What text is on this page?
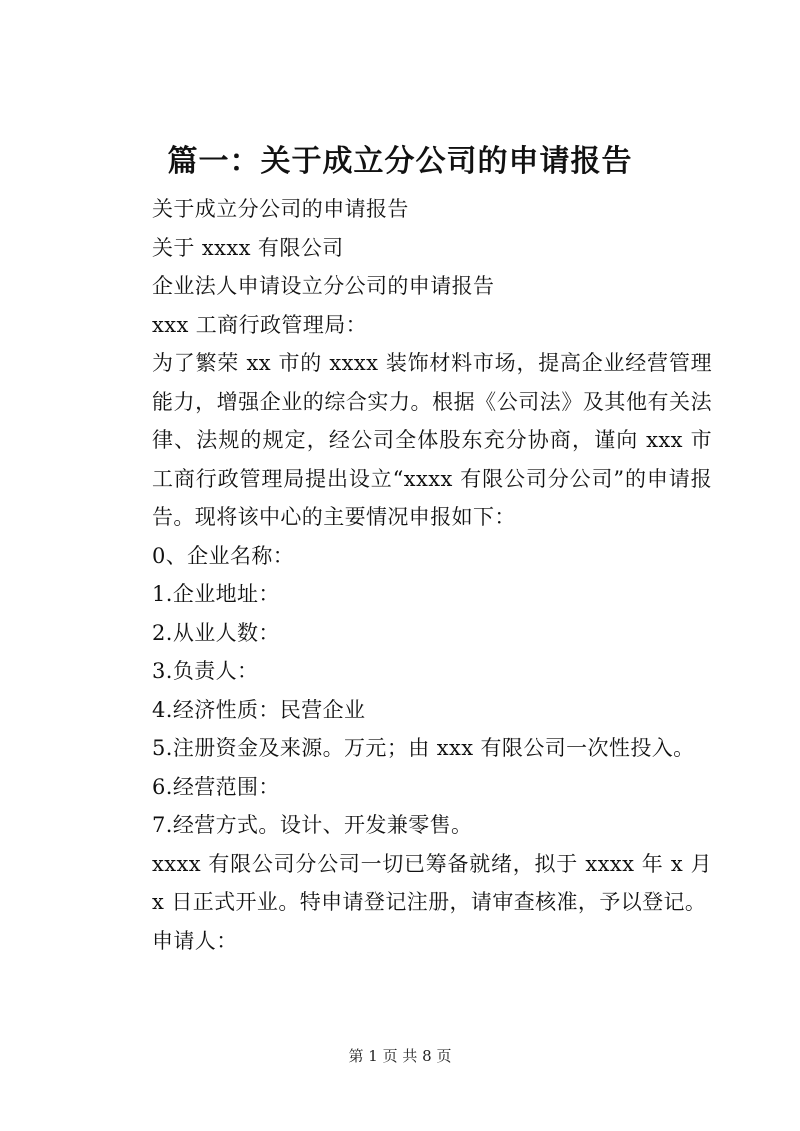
篇一：关于成立分公司的申请报告

关于成立分公司的申请报告

关于 xxxx 有限公司

企业法人申请设立分公司的申请报告

xxx 工商行政管理局：

为了繁荣 xx 市的 xxxx 装饰材料市场，提高企业经营管理能力，增强企业的综合实力。根据《公司法》及其他有关法律、法规的规定，经公司全体股东充分协商，谨向 xxx 市工商行政管理局提出设立“xxxx 有限公司分公司”的申请报告。现将该中心的主要情况申报如下：

0、企业名称：

1.企业地址：

2.从业人数：

3.负责人：

4.经济性质：民营企业

5.注册资金及来源。万元；由 xxx 有限公司一次性投入。

6.经营范围：

7.经营方式。设计、开发兼零售。

xxxx 有限公司分公司一切已筹备就绪，拟于 xxxx 年 x 月 x 日正式开业。特申请登记注册，请审查核准，予以登记。

申请人：

第 1 页 共 8 页
